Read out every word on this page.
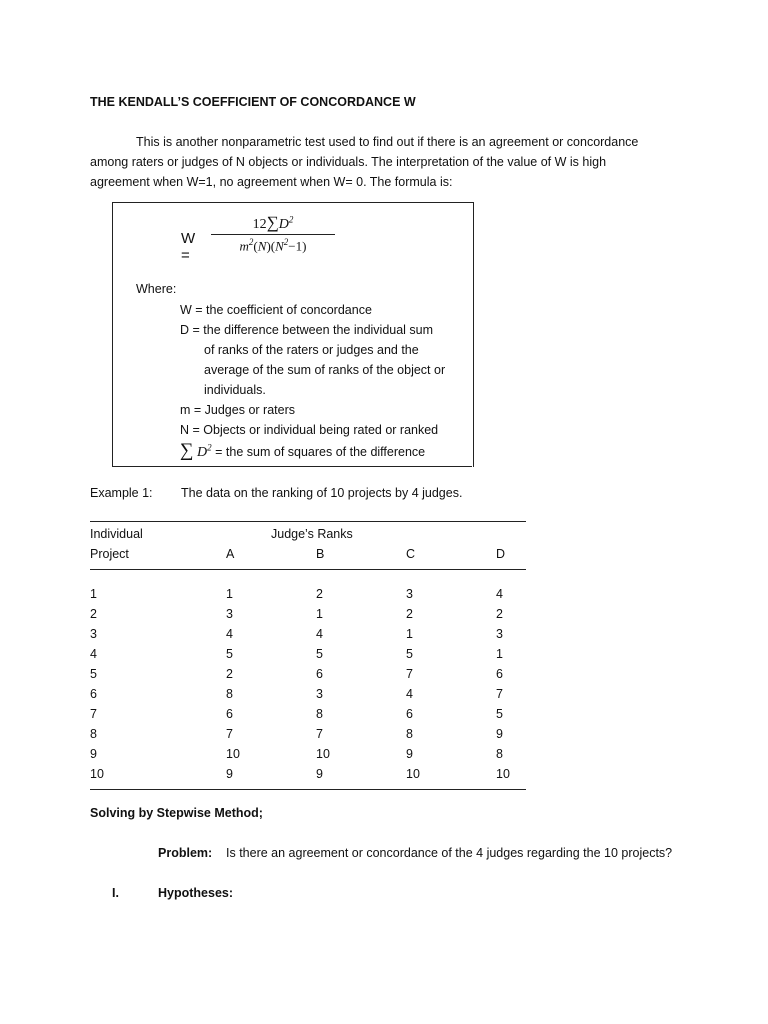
THE KENDALL’S COEFFICIENT OF CONCORDANCE W
This is another nonparametric test used to find out if there is an agreement or concordance
among raters or judges of N objects or individuals. The interpretation of the value of W is high
agreement when W=1, no agreement when W= 0. The formula is:
W =
$12\sum D^2$
$m^2(N)(N^2-1)$
Where:
W = the coefficient of concordance
D = the difference between the individual sum
of ranks of the raters or judges and the
average of the sum of ranks of the object or
individuals.
m = Judges or raters
N = Objects or individual being rated or ranked
∑ $D^2$ = the sum of squares of the difference
Example 1: The data on the ranking of 10 projects by 4 judges.
Individual
Project
Judge’s Ranks
A	B	C	D
1	1	2	3	4
2	3	1	2	2
3	4	4	1	3
4	5	5	5	1
5	2	6	7	6
6	8	3	4	7
7	6	8	6	5
8	7	7	8	9
9	10	10	9	8
10	9	9	10	10
Solving by Stepwise Method;
Problem: Is there an agreement or concordance of the 4 judges regarding the 10 projects?
I.	Hypotheses:
